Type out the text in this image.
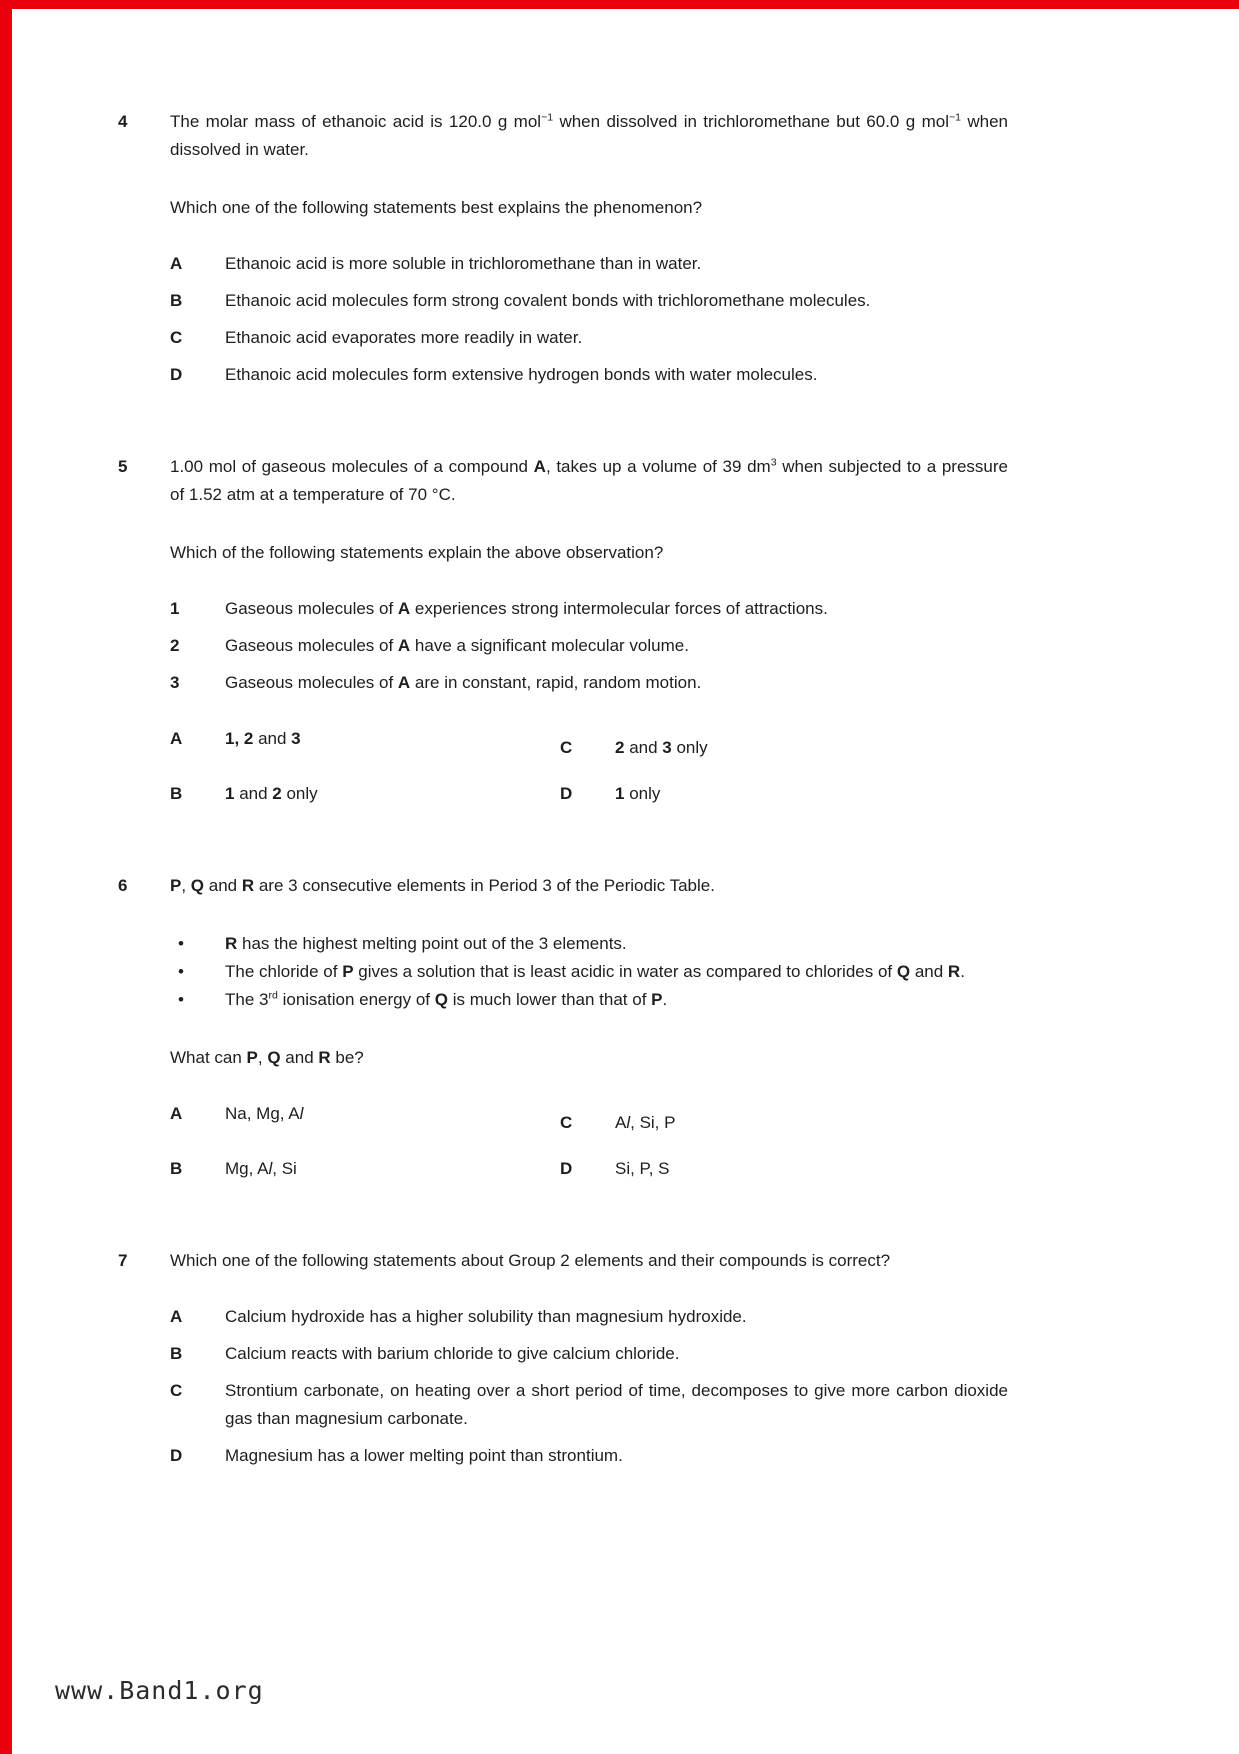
4	The molar mass of ethanoic acid is 120.0 g mol$^{-1}$ when dissolved in trichloromethane but 60.0 g mol$^{-1}$ when dissolved in water.

Which one of the following statements best explains the phenomenon?

A	Ethanoic acid is more soluble in trichloromethane than in water.
B	Ethanoic acid molecules form strong covalent bonds with trichloromethane molecules.
C	Ethanoic acid evaporates more readily in water.
D	Ethanoic acid molecules form extensive hydrogen bonds with water molecules.
5	1.00 mol of gaseous molecules of a compound A, takes up a volume of 39 $dm^3$ when subjected to a pressure of 1.52 atm at a temperature of 70 °C.

Which of the following statements explain the above observation?

1	Gaseous molecules of A experiences strong intermolecular forces of attractions.
2	Gaseous molecules of A have a significant molecular volume.
3	Gaseous molecules of A are in constant, rapid, random motion.
A	1, 2 and 3	C	2 and 3 only
B	1 and 2 only	D	1 only
6	P, Q and R are 3 consecutive elements in Period 3 of the Periodic Table.

•	R has the highest melting point out of the 3 elements.
•	The chloride of P gives a solution that is least acidic in water as compared to chlorides of Q and R.
•	The 3rd ionisation energy of Q is much lower than that of P.

What can P, Q and R be?

A	Na, Mg, Al	C	Al, Si, P
B	Mg, Al, Si	D	Si, P, S
7	Which one of the following statements about Group 2 elements and their compounds is correct?

A	Calcium hydroxide has a higher solubility than magnesium hydroxide.
B	Calcium reacts with barium chloride to give calcium chloride.
C	Strontium carbonate, on heating over a short period of time, decomposes to give more carbon dioxide gas than magnesium carbonate.
D	Magnesium has a lower melting point than strontium.
www.Band1.org
